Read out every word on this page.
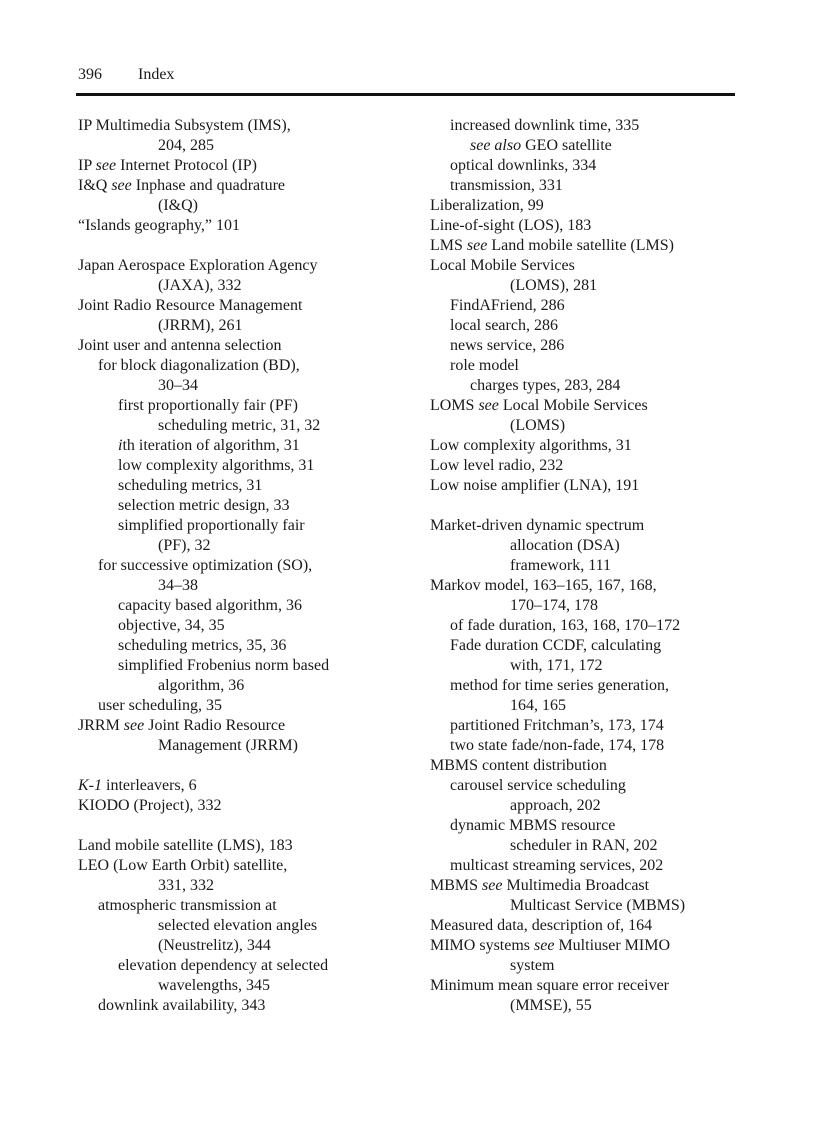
396 Index
IP Multimedia Subsystem (IMS),
204, 285
IP see Internet Protocol (IP)
I&Q see Inphase and quadrature
(I&Q)
“Islands geography,” 101
Japan Aerospace Exploration Agency
(JAXA), 332
Joint Radio Resource Management
(JRRM), 261
Joint user and antenna selection
for block diagonalization (BD),
30–34
first proportionally fair (PF)
scheduling metric, 31, 32
ith iteration of algorithm, 31
low complexity algorithms, 31
scheduling metrics, 31
selection metric design, 33
simplified proportionally fair
(PF), 32
for successive optimization (SO),
34–38
capacity based algorithm, 36
objective, 34, 35
scheduling metrics, 35, 36
simplified Frobenius norm based
algorithm, 36
user scheduling, 35
JRRM see Joint Radio Resource
Management (JRRM)
K-1 interleavers, 6
KIODO (Project), 332
Land mobile satellite (LMS), 183
LEO (Low Earth Orbit) satellite,
331, 332
atmospheric transmission at
selected elevation angles
(Neustrelitz), 344
elevation dependency at selected
wavelengths, 345
downlink availability, 343
increased downlink time, 335
see also GEO satellite
optical downlinks, 334
transmission, 331
Liberalization, 99
Line-of-sight (LOS), 183
LMS see Land mobile satellite (LMS)
Local Mobile Services
(LOMS), 281
FindAFriend, 286
local search, 286
news service, 286
role model
charges types, 283, 284
LOMS see Local Mobile Services
(LOMS)
Low complexity algorithms, 31
Low level radio, 232
Low noise amplifier (LNA), 191
Market-driven dynamic spectrum
allocation (DSA)
framework, 111
Markov model, 163–165, 167, 168,
170–174, 178
of fade duration, 163, 168, 170–172
Fade duration CCDF, calculating
with, 171, 172
method for time series generation,
164, 165
partitioned Fritchman’s, 173, 174
two state fade/non-fade, 174, 178
MBMS content distribution
carousel service scheduling
approach, 202
dynamic MBMS resource
scheduler in RAN, 202
multicast streaming services, 202
MBMS see Multimedia Broadcast
Multicast Service (MBMS)
Measured data, description of, 164
MIMO systems see Multiuser MIMO
system
Minimum mean square error receiver
(MMSE), 55
